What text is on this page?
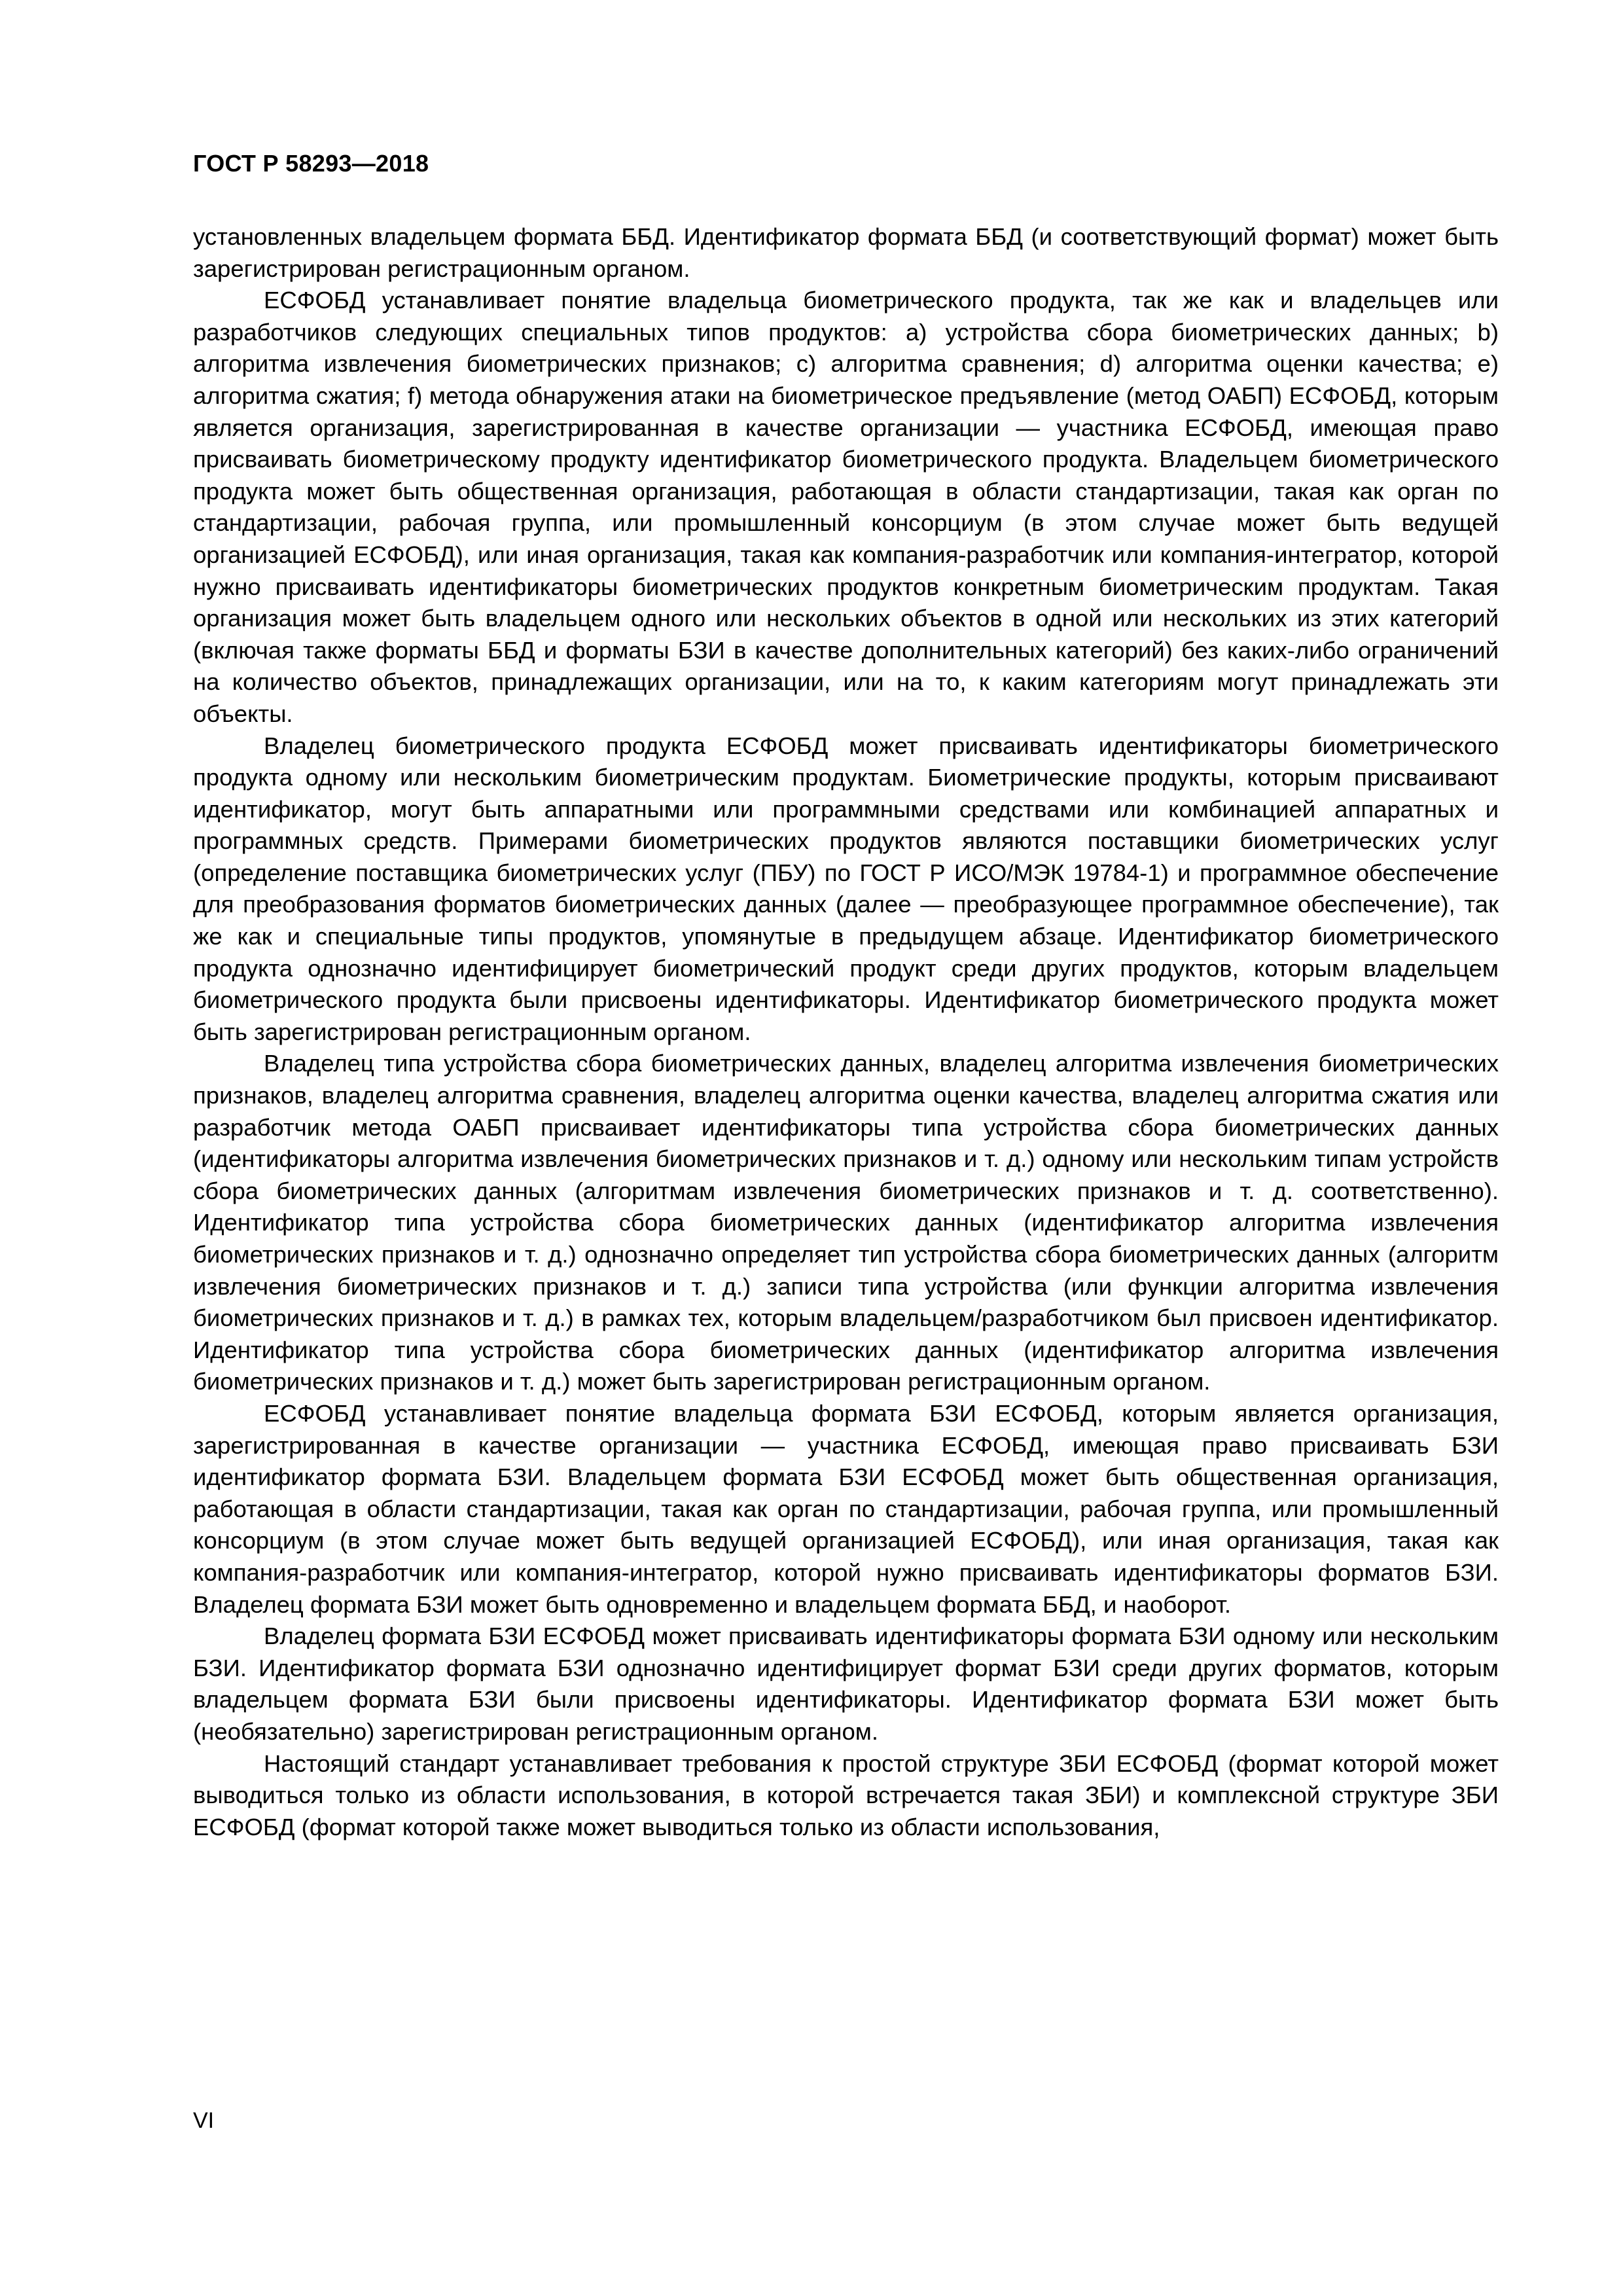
ГОСТ Р 58293—2018

установленных владельцем формата ББД. Идентификатор формата ББД (и соответствующий формат) может быть зарегистрирован регистрационным органом.

ЕСФОБД устанавливает понятие владельца биометрического продукта, так же как и владельцев или разработчиков следующих специальных типов продуктов: a) устройства сбора биометрических данных; b) алгоритма извлечения биометрических признаков; c) алгоритма сравнения; d) алгоритма оценки качества; e) алгоритма сжатия; f) метода обнаружения атаки на биометрическое предъявление (метод ОАБП) ЕСФОБД, которым является организация, зарегистрированная в качестве организации — участника ЕСФОБД, имеющая право присваивать биометрическому продукту идентификатор биометрического продукта. Владельцем биометрического продукта может быть общественная организация, работающая в области стандартизации, такая как орган по стандартизации, рабочая группа, или промышленный консорциум (в этом случае может быть ведущей организацией ЕСФОБД), или иная организация, такая как компания-разработчик или компания-интегратор, которой нужно присваивать идентификаторы биометрических продуктов конкретным биометрическим продуктам. Такая организация может быть владельцем одного или нескольких объектов в одной или нескольких из этих категорий (включая также форматы ББД и форматы БЗИ в качестве дополнительных категорий) без каких-либо ограничений на количество объектов, принадлежащих организации, или на то, к каким категориям могут принадлежать эти объекты.

Владелец биометрического продукта ЕСФОБД может присваивать идентификаторы биометрического продукта одному или нескольким биометрическим продуктам. Биометрические продукты, которым присваивают идентификатор, могут быть аппаратными или программными средствами или комбинацией аппаратных и программных средств. Примерами биометрических продуктов являются поставщики биометрических услуг (определение поставщика биометрических услуг (ПБУ) по ГОСТ Р ИСО/МЭК 19784-1) и программное обеспечение для преобразования форматов биометрических данных (далее — преобразующее программное обеспечение), так же как и специальные типы продуктов, упомянутые в предыдущем абзаце. Идентификатор биометрического продукта однозначно идентифицирует биометрический продукт среди других продуктов, которым владельцем биометрического продукта были присвоены идентификаторы. Идентификатор биометрического продукта может быть зарегистрирован регистрационным органом.

Владелец типа устройства сбора биометрических данных, владелец алгоритма извлечения биометрических признаков, владелец алгоритма сравнения, владелец алгоритма оценки качества, владелец алгоритма сжатия или разработчик метода ОАБП присваивает идентификаторы типа устройства сбора биометрических данных (идентификаторы алгоритма извлечения биометрических признаков и т. д.) одному или нескольким типам устройств сбора биометрических данных (алгоритмам извлечения биометрических признаков и т. д. соответственно). Идентификатор типа устройства сбора биометрических данных (идентификатор алгоритма извлечения биометрических признаков и т. д.) однозначно определяет тип устройства сбора биометрических данных (алгоритм извлечения биометрических признаков и т. д.) записи типа устройства (или функции алгоритма извлечения биометрических признаков и т. д.) в рамках тех, которым владельцем/разработчиком был присвоен идентификатор. Идентификатор типа устройства сбора биометрических данных (идентификатор алгоритма извлечения биометрических признаков и т. д.) может быть зарегистрирован регистрационным органом.

ЕСФОБД устанавливает понятие владельца формата БЗИ ЕСФОБД, которым является организация, зарегистрированная в качестве организации — участника ЕСФОБД, имеющая право присваивать БЗИ идентификатор формата БЗИ. Владельцем формата БЗИ ЕСФОБД может быть общественная организация, работающая в области стандартизации, такая как орган по стандартизации, рабочая группа, или промышленный консорциум (в этом случае может быть ведущей организацией ЕСФОБД), или иная организация, такая как компания-разработчик или компания-интегратор, которой нужно присваивать идентификаторы форматов БЗИ. Владелец формата БЗИ может быть одновременно и владельцем формата ББД, и наоборот.

Владелец формата БЗИ ЕСФОБД может присваивать идентификаторы формата БЗИ одному или нескольким БЗИ. Идентификатор формата БЗИ однозначно идентифицирует формат БЗИ среди других форматов, которым владельцем формата БЗИ были присвоены идентификаторы. Идентификатор формата БЗИ может быть (необязательно) зарегистрирован регистрационным органом.

Настоящий стандарт устанавливает требования к простой структуре ЗБИ ЕСФОБД (формат которой может выводиться только из области использования, в которой встречается такая ЗБИ) и комплексной структуре ЗБИ ЕСФОБД (формат которой также может выводиться только из области использования,

VI
